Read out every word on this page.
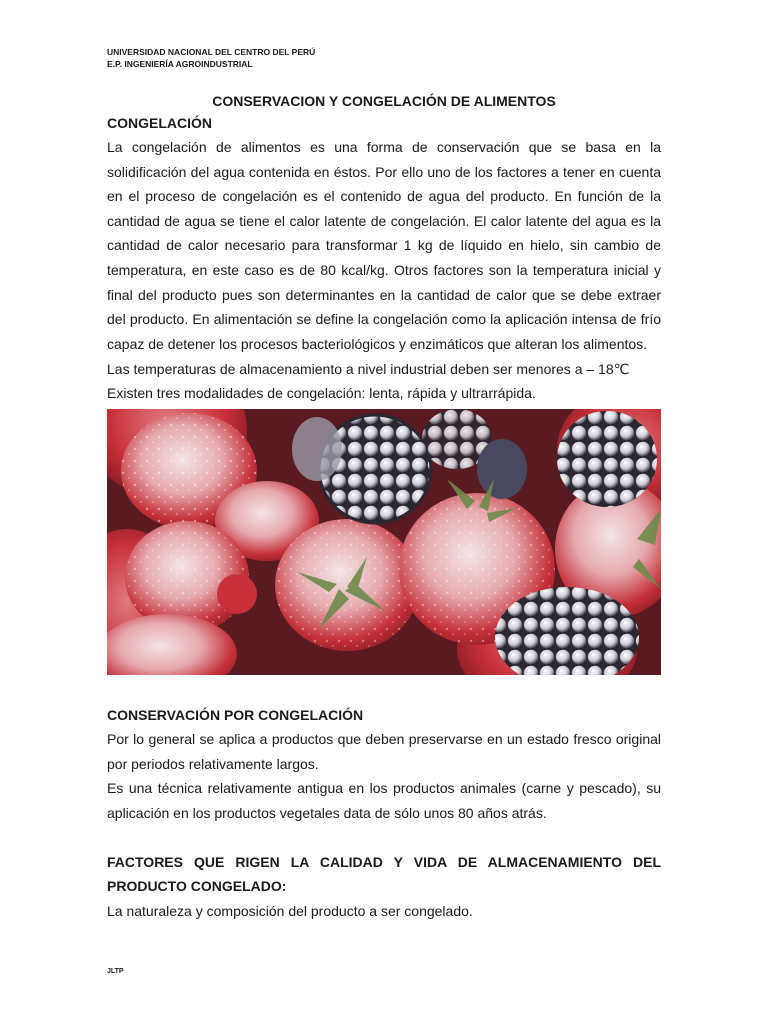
UNIVERSIDAD NACIONAL DEL CENTRO DEL PERÚ
E.P. INGENIERÍA AGROINDUSTRIAL
CONSERVACION Y CONGELACIÓN DE ALIMENTOS
CONGELACIÓN
La congelación de alimentos es una forma de conservación que se basa en la solidificación del agua contenida en éstos. Por ello uno de los factores a tener en cuenta en el proceso de congelación es el contenido de agua del producto. En función de la cantidad de agua se tiene el calor latente de congelación. El calor latente del agua es la cantidad de calor necesario para transformar 1 kg de líquido en hielo, sin cambio de temperatura, en este caso es de 80 kcal/kg. Otros factores son la temperatura inicial y final del producto pues son determinantes en la cantidad de calor que se debe extraer del producto. En alimentación se define la congelación como la aplicación intensa de frío capaz de detener los procesos bacteriológicos y enzimáticos que alteran los alimentos.
Las temperaturas de almacenamiento a nivel industrial deben ser menores a – 18℃
Existen tres modalidades de congelación: lenta, rápida y ultrarrápida.
CONSERVACIÓN POR CONGELACIÓN
Por lo general se aplica a productos que deben preservarse en un estado fresco original por periodos relativamente largos.
Es una técnica relativamente antigua en los productos animales (carne y pescado), su aplicación en los productos vegetales data de sólo unos 80 años atrás.
FACTORES QUE RIGEN LA CALIDAD Y VIDA DE ALMACENAMIENTO DEL PRODUCTO CONGELADO:
La naturaleza y composición del producto a ser congelado.
JLTP
